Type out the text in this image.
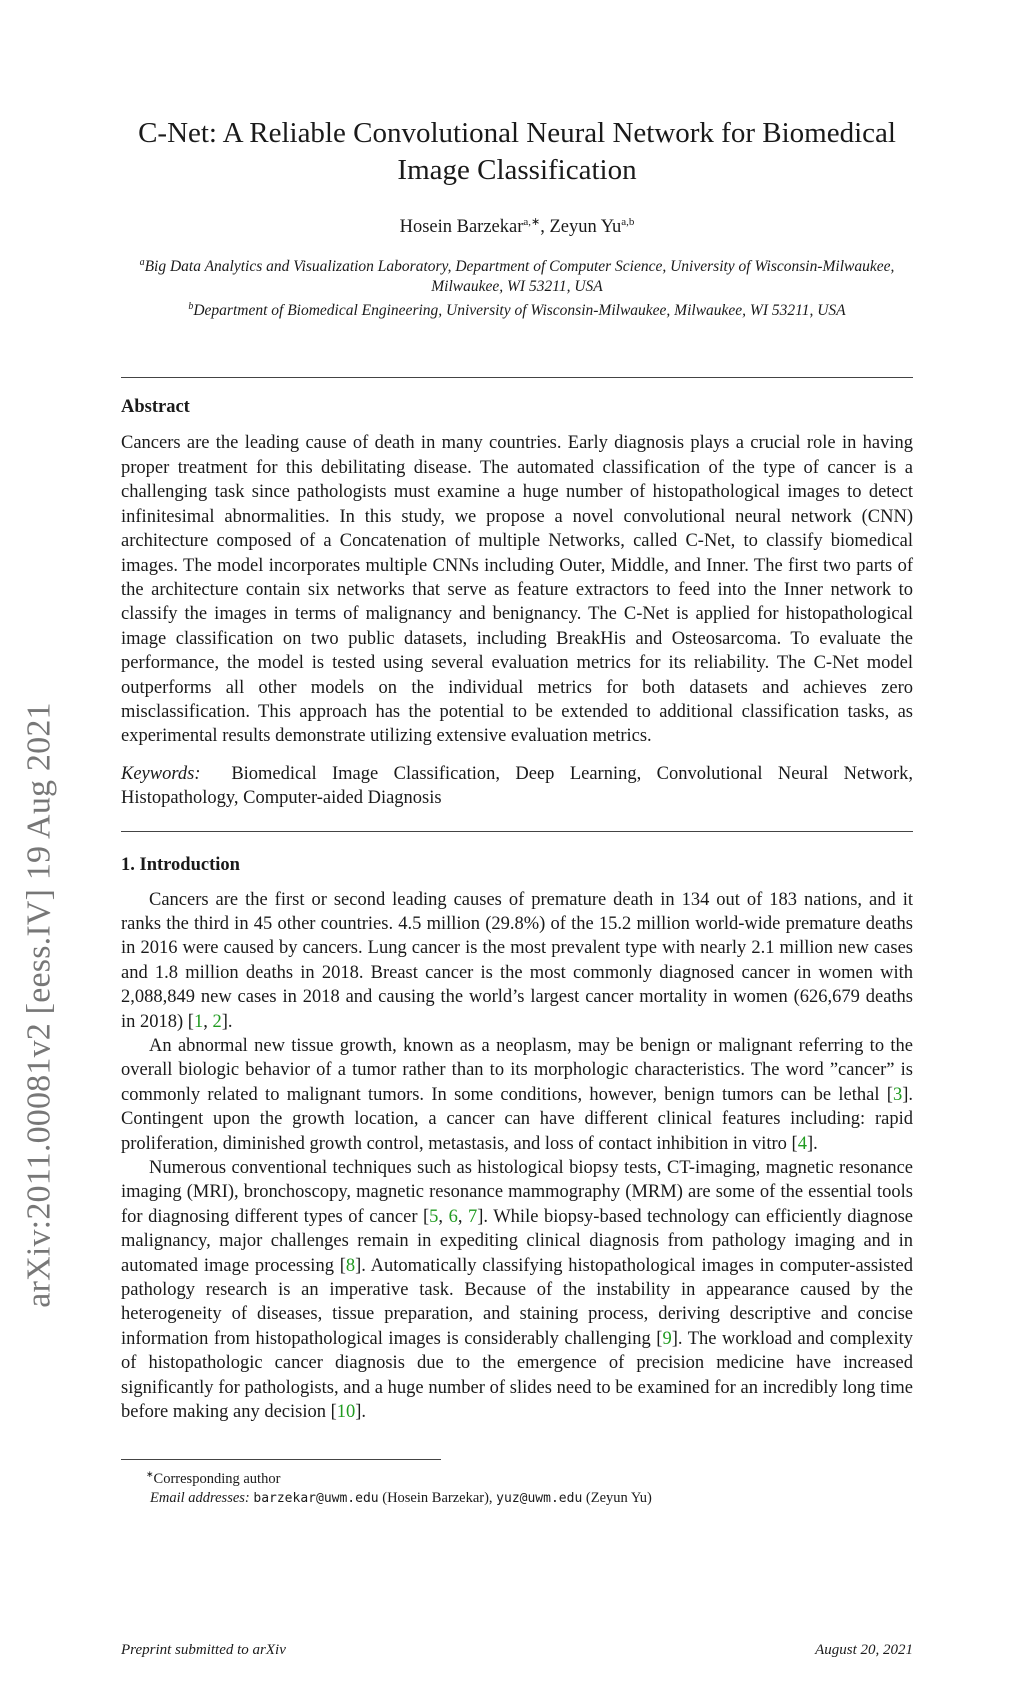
arXiv:2011.00081v2 [eess.IV] 19 Aug 2021
C-Net: A Reliable Convolutional Neural Network for Biomedical Image Classification
Hosein Barzekar$^{a,∗}$, Zeyun Yu$^{a,b}$
$^a$Big Data Analytics and Visualization Laboratory, Department of Computer Science, University of Wisconsin-Milwaukee, Milwaukee, WI 53211, USA
$^b$Department of Biomedical Engineering, University of Wisconsin-Milwaukee, Milwaukee, WI 53211, USA
Abstract

Cancers are the leading cause of death in many countries. Early diagnosis plays a crucial role in having proper treatment for this debilitating disease. The automated classification of the type of cancer is a challenging task since pathologists must examine a huge number of histopathological images to detect infinitesimal abnormalities. In this study, we propose a novel convolutional neural network (CNN) architecture composed of a Concatenation of multiple Networks, called C-Net, to classify biomedical images. The model incorporates multiple CNNs including Outer, Middle, and Inner. The first two parts of the architecture contain six networks that serve as feature extractors to feed into the Inner network to classify the images in terms of malignancy and benignancy. The C-Net is applied for histopathological image classification on two public datasets, including BreakHis and Osteosarcoma. To evaluate the performance, the model is tested using several evaluation metrics for its reliability. The C-Net model outperforms all other models on the individual metrics for both datasets and achieves zero misclassification. This approach has the potential to be extended to additional classification tasks, as experimental results demonstrate utilizing extensive evaluation metrics.

Keywords: Biomedical Image Classification, Deep Learning, Convolutional Neural Network, Histopathology, Computer-aided Diagnosis

1. Introduction

Cancers are the first or second leading causes of premature death in 134 out of 183 nations, and it ranks the third in 45 other countries. 4.5 million (29.8%) of the 15.2 million world-wide premature deaths in 2016 were caused by cancers. Lung cancer is the most prevalent type with nearly 2.1 million new cases and 1.8 million deaths in 2018. Breast cancer is the most commonly diagnosed cancer in women with 2,088,849 new cases in 2018 and causing the world’s largest cancer mortality in women (626,679 deaths in 2018) [1, 2].

An abnormal new tissue growth, known as a neoplasm, may be benign or malignant referring to the overall biologic behavior of a tumor rather than to its morphologic characteristics. The word ”cancer” is commonly related to malignant tumors. In some conditions, however, benign tumors can be lethal [3]. Contingent upon the growth location, a cancer can have different clinical features including: rapid proliferation, diminished growth control, metastasis, and loss of contact inhibition in vitro [4].

Numerous conventional techniques such as histological biopsy tests, CT-imaging, magnetic resonance imaging (MRI), bronchoscopy, magnetic resonance mammography (MRM) are some of the essential tools for diagnosing different types of cancer [5, 6, 7]. While biopsy-based technology can efficiently diagnose malignancy, major challenges remain in expediting clinical diagnosis from pathology imaging and in automated image processing [8]. Automatically classifying histopathological images in computer-assisted pathology research is an imperative task. Because of the instability in appearance caused by the heterogeneity of diseases, tissue preparation, and staining process, deriving descriptive and concise information from histopathological images is considerably challenging [9]. The workload and complexity of histopathologic cancer diagnosis due to the emergence of precision medicine have increased significantly for pathologists, and a huge number of slides need to be examined for an incredibly long time before making any decision [10].

∗Corresponding author
Email addresses: barzekar@uwm.edu (Hosein Barzekar), yuz@uwm.edu (Zeyun Yu)
Preprint submitted to arXiv	August 20, 2021
